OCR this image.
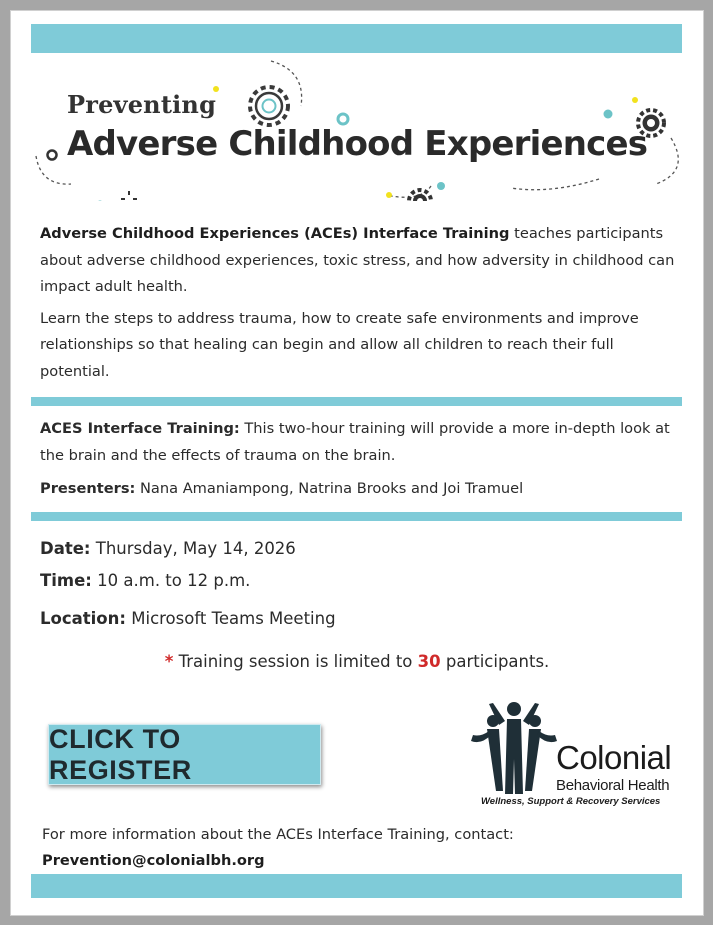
Preventing
Adverse Childhood Experiences

Adverse Childhood Experiences (ACEs) Interface Training teaches participants about adverse childhood experiences, toxic stress, and how adversity in childhood can impact adult health.

Learn the steps to address trauma, how to create safe environments and improve relationships so that healing can begin and allow all children to reach their full potential.

ACES Interface Training: This two-hour training will provide a more in-depth look at the brain and the effects of trauma on the brain.

Presenters: Nana Amaniampong, Natrina Brooks and Joi Tramuel

Date: Thursday, May 14, 2026
Time: 10 a.m. to 12 p.m.
Location: Microsoft Teams Meeting
* Training session is limited to 30 participants.
CLICK TO REGISTER	Colonial
Behavioral Health
Wellness, Support & Recovery Services
For more information about the ACEs Interface Training, contact:
Prevention@colonialbh.org
